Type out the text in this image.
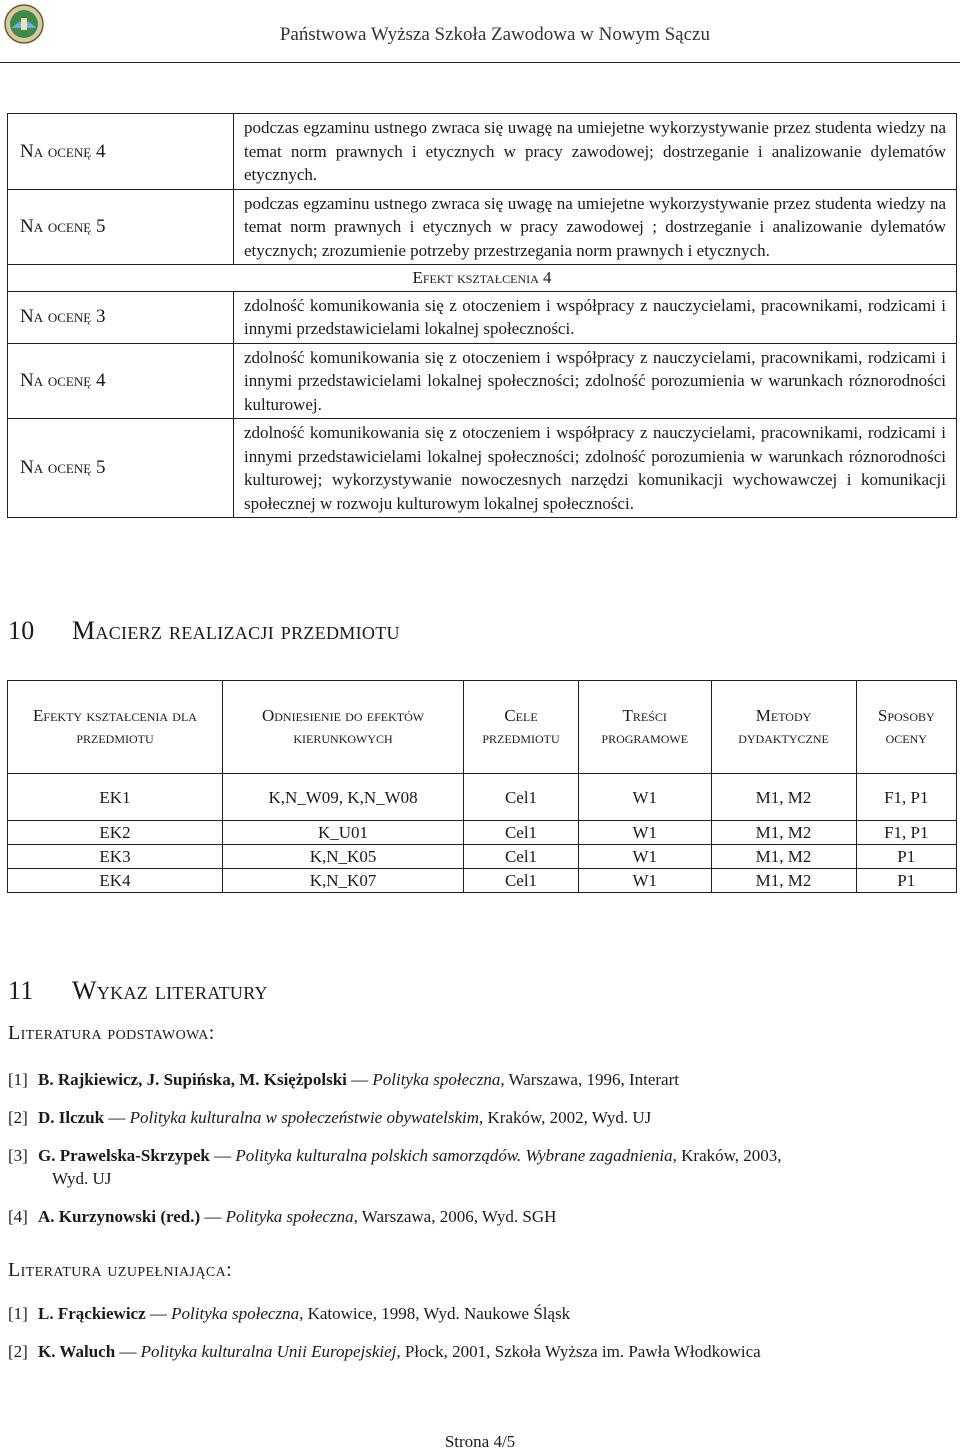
Państwowa Wyższa Szkoła Zawodowa w Nowym Sączu
Na ocenę 4	podczas egzaminu ustnego zwraca się uwagę na umiejetne wykorzystywanie przez studenta wiedzy na temat norm prawnych i etycznych w pracy zawodowej; dostrzeganie i analizowanie dylematów etycznych.
Na ocenę 5	podczas egzaminu ustnego zwraca się uwagę na umiejetne wykorzystywanie przez studenta wiedzy na temat norm prawnych i etycznych w pracy zawodowej ; dostrzeganie i analizowanie dylematów etycznych; zrozumienie potrzeby przestrzegania norm prawnych i etycznych.
Efekt kształcenia 4	
Na ocenę 3	zdolność komunikowania się z otoczeniem i współpracy z nauczycielami, pracownikami, rodzicami i innymi przedstawicielami lokalnej społeczności.
Na ocenę 4	zdolność komunikowania się z otoczeniem i współpracy z nauczycielami, pracownikami, rodzicami i innymi przedstawicielami lokalnej społeczności; zdolność porozumienia w warunkach róznorodności kulturowej.
Na ocenę 5	zdolność komunikowania się z otoczeniem i współpracy z nauczycielami, pracownikami, rodzicami i innymi przedstawicielami lokalnej społeczności; zdolność porozumienia w warunkach róznorodności kulturowej; wykorzystywanie nowoczesnych narzędzi komunikacji wychowawczej i komunikacji społecznej w rozwoju kulturowym lokalnej społeczności.
10 Macierz realizacji przedmiotu
Efekty kształcenia dla przedmiotu	Odniesienie do efektów kierunkowych	Cele przedmiotu	Treści programowe	Metody dydaktyczne	Sposoby oceny
EK1	K,N_W09, K,N_W08	Cel1	W1	M1, M2	F1, P1
EK2	K_U01	Cel1	W1	M1, M2	F1, P1
EK3	K,N_K05	Cel1	W1	M1, M2	P1
EK4	K,N_K07	Cel1	W1	M1, M2	P1
11 Wykaz literatury
Literatura podstawowa:
[1] B. Rajkiewicz, J. Supińska, M. Księżpolski — Polityka społeczna, Warszawa, 1996, Interart
[2] D. Ilczuk — Polityka kulturalna w społeczeństwie obywatelskim, Kraków, 2002, Wyd. UJ
[3] G. Prawelska-Skrzypek — Polityka kulturalna polskich samorządów. Wybrane zagadnienia, Kraków, 2003,
Wyd. UJ
[4] A. Kurzynowski (red.) — Polityka społeczna, Warszawa, 2006, Wyd. SGH
Literatura uzupełniająca:
[1] L. Frąckiewicz — Polityka społeczna, Katowice, 1998, Wyd. Naukowe Śląsk
[2] K. Waluch — Polityka kulturalna Unii Europejskiej, Płock, 2001, Szkoła Wyższa im. Pawła Włodkowica
Strona 4/5
